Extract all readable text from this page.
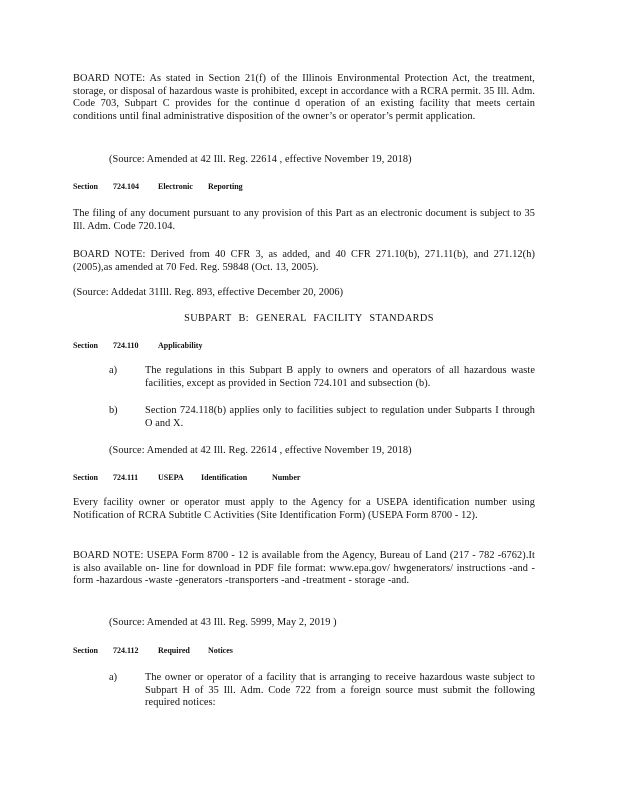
BOARD NOTE: As stated in Section 21(f) of the Illinois Environmental Protection Act, the treatment, storage, or disposal of hazardous waste is prohibited, except in accordance with a RCRA permit. 35 Ill. Adm. Code 703, Subpart C provides for the continue d operation of an existing facility that meets certain conditions until final administrative disposition of the owner’s or operator’s permit application.
(Source: Amended at 42 Ill. Reg. 22614 , effective November 19, 2018)
Section 724.104 Electronic Reporting
The filing of any document pursuant to any provision of this Part as an electronic document is subject to 35 Ill. Adm. Code 720.104.
BOARD NOTE: Derived from 40 CFR 3, as added, and 40 CFR 271.10(b), 271.11(b), and 271.12(h) (2005),as amended at 70 Fed. Reg. 59848 (Oct. 13, 2005).
(Source: Addedat 31Ill. Reg. 893, effective December 20, 2006)
SUBPART B: GENERAL FACILITY STANDARDS
Section 724.110 Applicability
a)	The regulations in this Subpart B apply to owners and operators of all hazardous waste facilities, except as provided in Section 724.101 and subsection (b).
b)	Section 724.118(b) applies only to facilities subject to regulation under Subparts I through O and X.
(Source: Amended at 42 Ill. Reg. 22614 , effective November 19, 2018)
Section 724.111 USEPA Identification	Number
Every facility owner or operator must apply to the Agency for a USEPA identification number using Notification of RCRA Subtitle C Activities (Site Identification Form) (USEPA Form 8700 - 12).
BOARD NOTE: USEPA Form 8700 - 12 is available from the Agency, Bureau of Land (217 - 782 -6762).It is also available on- line for download in PDF file format: www.epa.gov/ hwgenerators/ instructions -and -form -hazardous -waste -generators -transporters -and -treatment - storage -and.
(Source: Amended at 43 Ill. Reg. 5999, May 2, 2019 )
Section 724.112 Required Notices
a)	The owner or operator of a facility that is arranging to receive hazardous waste subject to Subpart H of 35 Ill. Adm. Code 722 from a foreign source must submit the following required notices:
